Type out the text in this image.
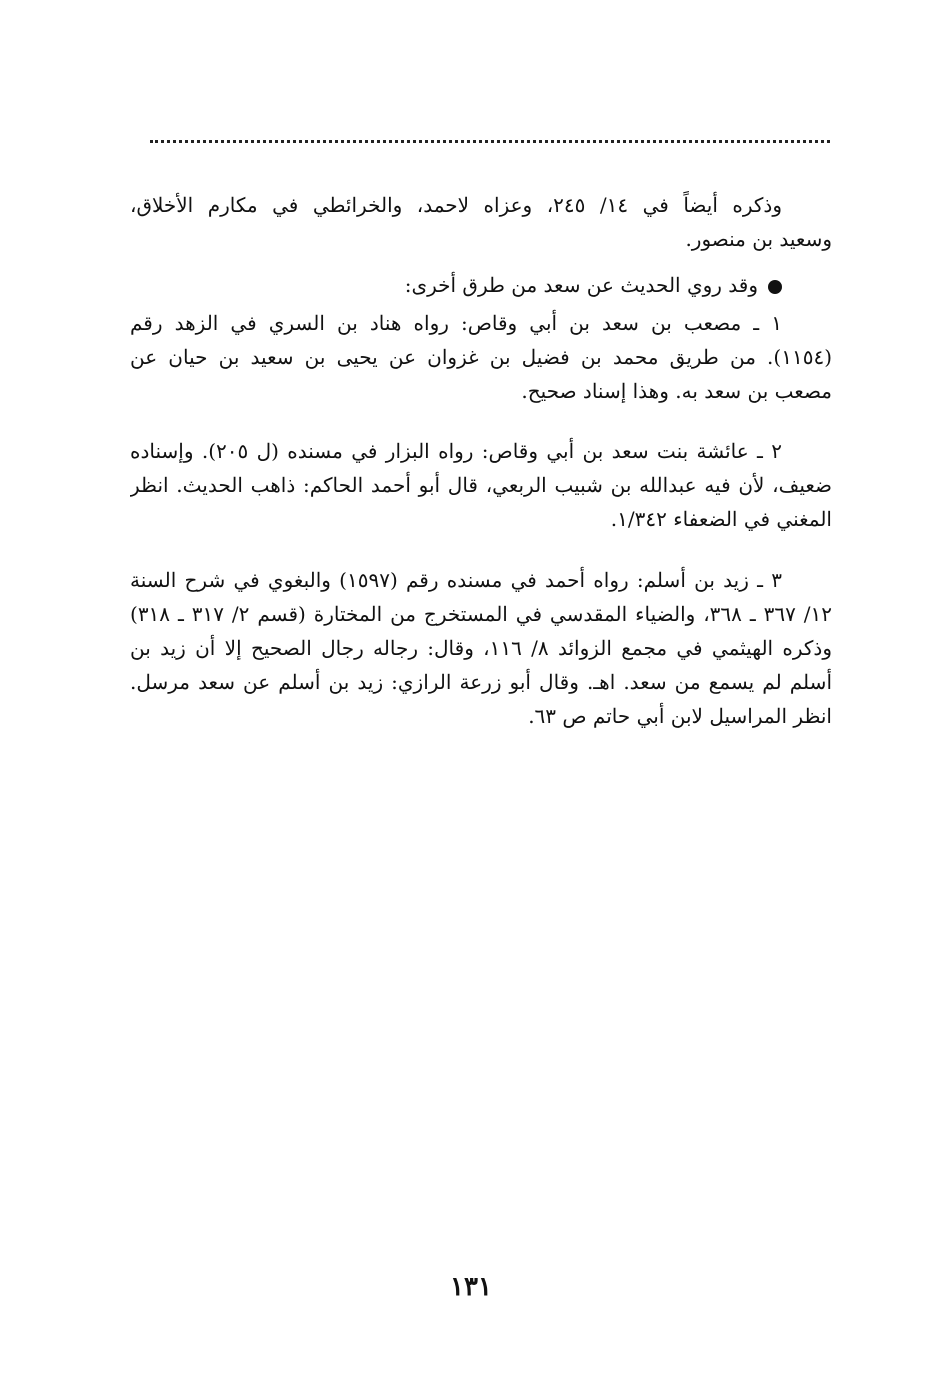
وذكره أيضاً في ١٤/ ٢٤٥، وعزاه لاحمد، والخرائطي في مكارم الأخلاق،
وسعيد بن منصور.
وقد روي الحديث عن سعد من طرق أخرى:
١ ـ مصعب بن سعد بن أبي وقاص: رواه هناد بن السري في الزهد رقم
(١١٥٤). من طريق محمد بن فضيل بن غزوان عن يحيى بن سعيد بن حيان عن
مصعب بن سعد به. وهذا إسناد صحيح.
٢ ـ عائشة بنت سعد بن أبي وقاص: رواه البزار في مسنده (ل ٢٠٥). وإسناده
ضعيف، لأن فيه عبدالله بن شبيب الربعي، قال أبو أحمد الحاكم: ذاهب الحديث. انظر
المغني في الضعفاء ١/٣٤٢.
٣ ـ زيد بن أسلم: رواه أحمد في مسنده رقم (١٥٩٧) والبغوي في شرح السنة
١٢/ ٣٦٧ ـ ٣٦٨، والضياء المقدسي في المستخرج من المختارة (قسم ٢/ ٣١٧ ـ ٣١٨)
وذكره الهيثمي في مجمع الزوائد ٨/ ١١٦، وقال: رجاله رجال الصحيح إلا أن زيد بن
أسلم لم يسمع من سعد. اهـ. وقال أبو زرعة الرازي: زيد بن أسلم عن سعد مرسل.
انظر المراسيل لابن أبي حاتم ص ٦٣.
١٣١
